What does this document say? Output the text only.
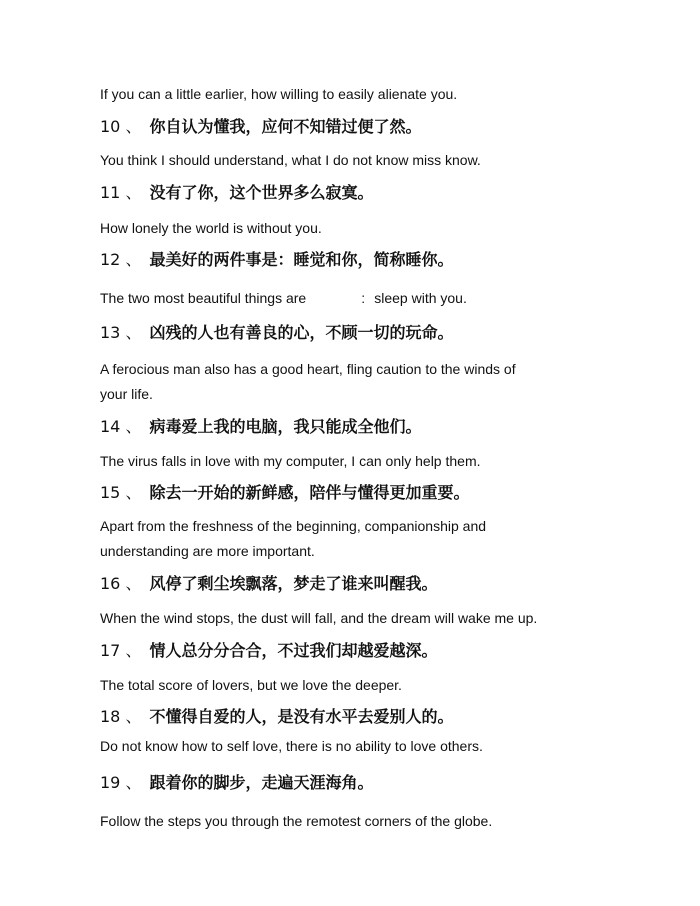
If you can a little earlier, how willing to easily alienate you.

10 、 你自认为懂我，应何不知错过便了然。

You think I should understand, what I do not know miss know.

11 、 没有了你，这个世界多么寂寞。

How lonely the world is without you.

12 、 最美好的两件事是：睡觉和你，简称睡你。

The two most beautiful things are	: sleep with you.

13 、 凶残的人也有善良的心，不顾一切的玩命。

A ferocious man also has a good heart, fling caution to the winds of

your life.

14 、 病毒爱上我的电脑，我只能成全他们。

The virus falls in love with my computer, I can only help them.

15 、 除去一开始的新鲜感，陪伴与懂得更加重要。

Apart from the freshness of the beginning, companionship and

understanding are more important.

16 、 风停了剩尘埃飘落，梦走了谁来叫醒我。

When the wind stops, the dust will fall, and the dream will wake me up.

17 、 情人总分分合合，不过我们却越爱越深。

The total score of lovers, but we love the deeper.

18 、 不懂得自爱的人，是没有水平去爱别人的。

Do not know how to self love, there is no ability to love others.

19 、 跟着你的脚步，走遍天涯海角。

Follow the steps you through the remotest corners of the globe.
